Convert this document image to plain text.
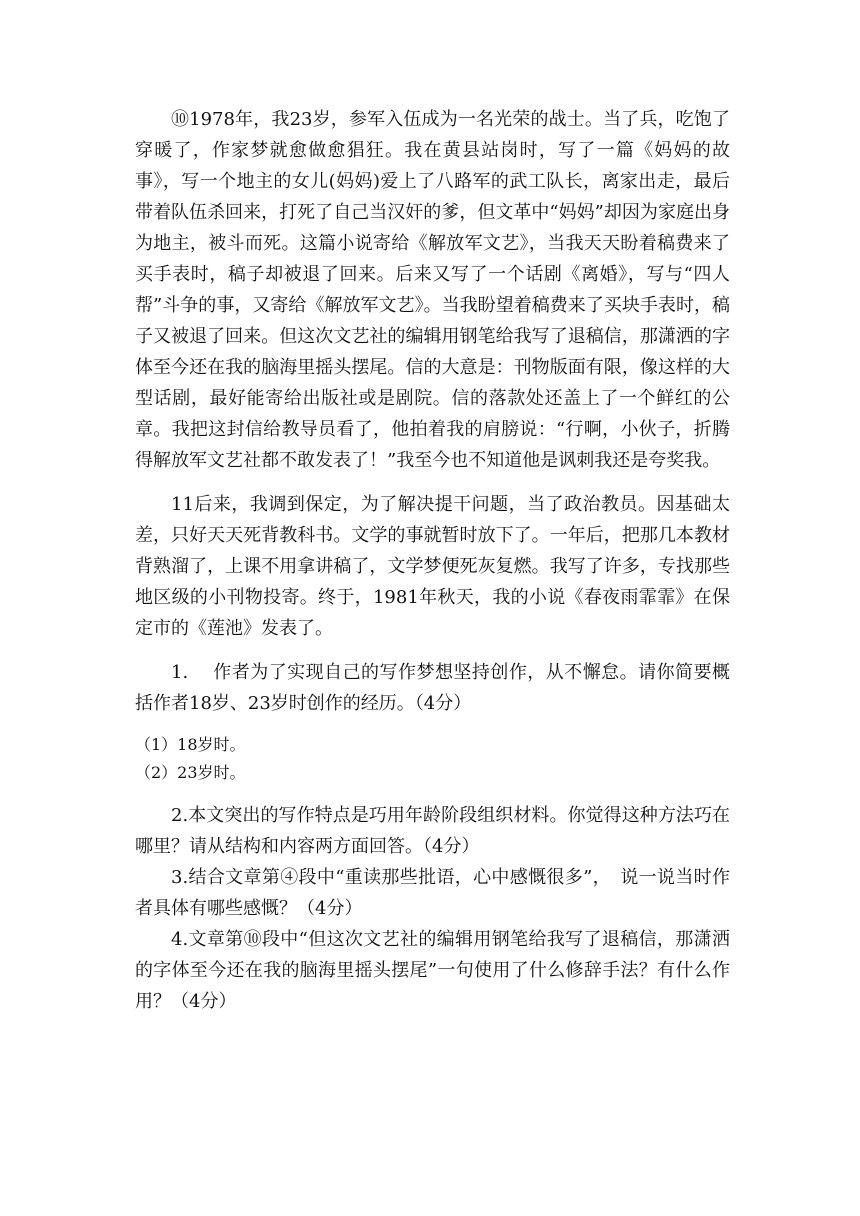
⑩1978年，我23岁，参军入伍成为一名光荣的战士。当了兵，吃饱了穿暖了，作家梦就愈做愈猖狂。我在黄县站岗时，写了一篇《妈妈的故事》，写一个地主的女儿(妈妈)爱上了八路军的武工队长，离家出走，最后带着队伍杀回来，打死了自己当汉奸的爹，但文革中“妈妈”却因为家庭出身为地主，被斗而死。这篇小说寄给《解放军文艺》，当我天天盼着稿费来了买手表时，稿子却被退了回来。后来又写了一个话剧《离婚》，写与“四人帮”斗争的事，又寄给《解放军文艺》。当我盼望着稿费来了买块手表时，稿子又被退了回来。但这次文艺社的编辑用钢笔给我写了退稿信，那潇洒的字体至今还在我的脑海里摇头摆尾。信的大意是：刊物版面有限，像这样的大型话剧，最好能寄给出版社或是剧院。信的落款处还盖上了一个鲜红的公章。我把这封信给教导员看了，他拍着我的肩膀说：“行啊，小伙子，折腾得解放军文艺社都不敢发表了！”我至今也不知道他是讽刺我还是夸奖我。

11后来，我调到保定，为了解决提干问题，当了政治教员。因基础太差，只好天天死背教科书。文学的事就暂时放下了。一年后，把那几本教材背熟溜了，上课不用拿讲稿了，文学梦便死灰复燃。我写了许多，专找那些地区级的小刊物投寄。终于，1981年秋天，我的小说《春夜雨霏霏》在保定市的《莲池》发表了。

1.　 作者为了实现自己的写作梦想坚持创作，从不懈怠。请你简要概括作者18岁、23岁时创作的经历。（4分）

（1）18岁时。

（2）23岁时。

2.本文突出的写作特点是巧用年龄阶段组织材料。你觉得这种方法巧在哪里？请从结构和内容两方面回答。（4分）

3.结合文章第④段中“重读那些批语，心中感慨很多”，　说一说当时作者具体有哪些感慨？（4分）

4.文章第⑩段中“但这次文艺社的编辑用钢笔给我写了退稿信，那潇洒的字体至今还在我的脑海里摇头摆尾”一句使用了什么修辞手法？有什么作用？（4分）
